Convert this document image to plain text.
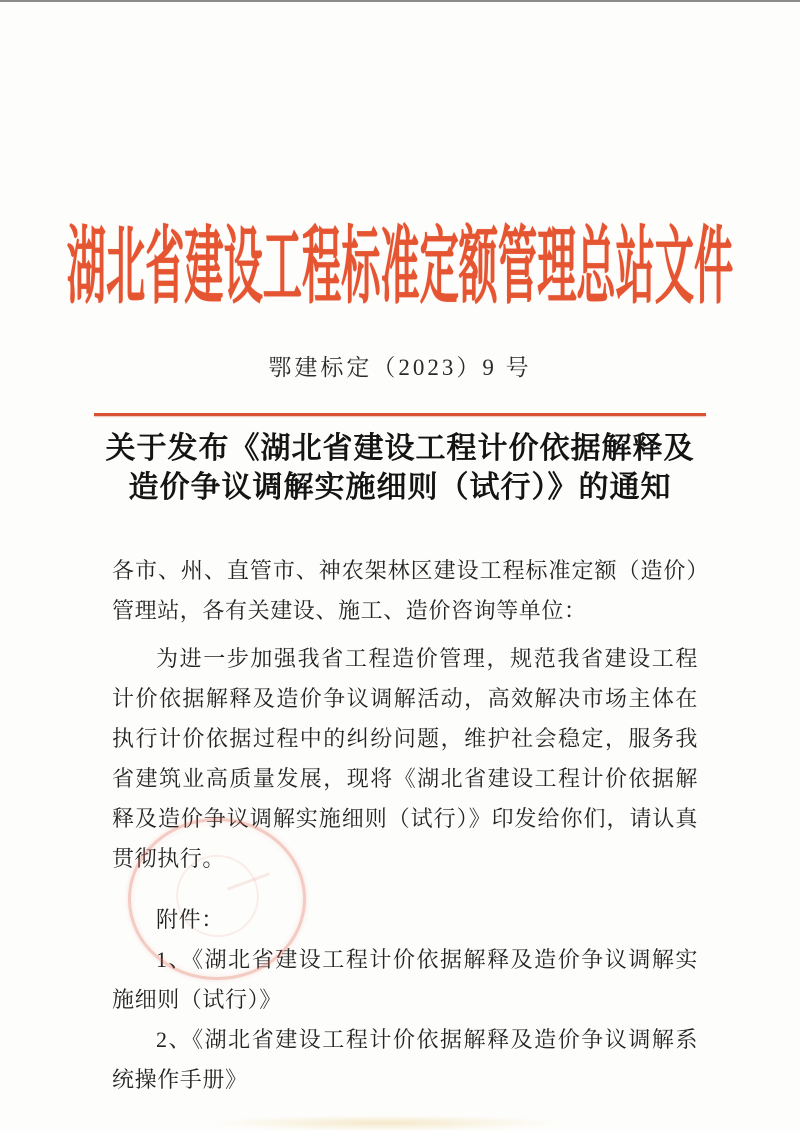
湖北省建设工程标准定额管理总站文件
鄂建标定（2023）9 号
关于发布《湖北省建设工程计价依据解释及
造价争议调解实施细则（试行）》的通知
各市、州、直管市、神农架林区建设工程标准定额（造价）管理站，各有关建设、施工、造价咨询等单位：
为进一步加强我省工程造价管理，规范我省建设工程计价依据解释及造价争议调解活动，高效解决市场主体在执行计价依据过程中的纠纷问题，维护社会稳定，服务我省建筑业高质量发展，现将《湖北省建设工程计价依据解释及造价争议调解实施细则（试行）》印发给你们，请认真贯彻执行。
附件：
1、《湖北省建设工程计价依据解释及造价争议调解实施细则（试行）》
2、《湖北省建设工程计价依据解释及造价争议调解系统操作手册》
